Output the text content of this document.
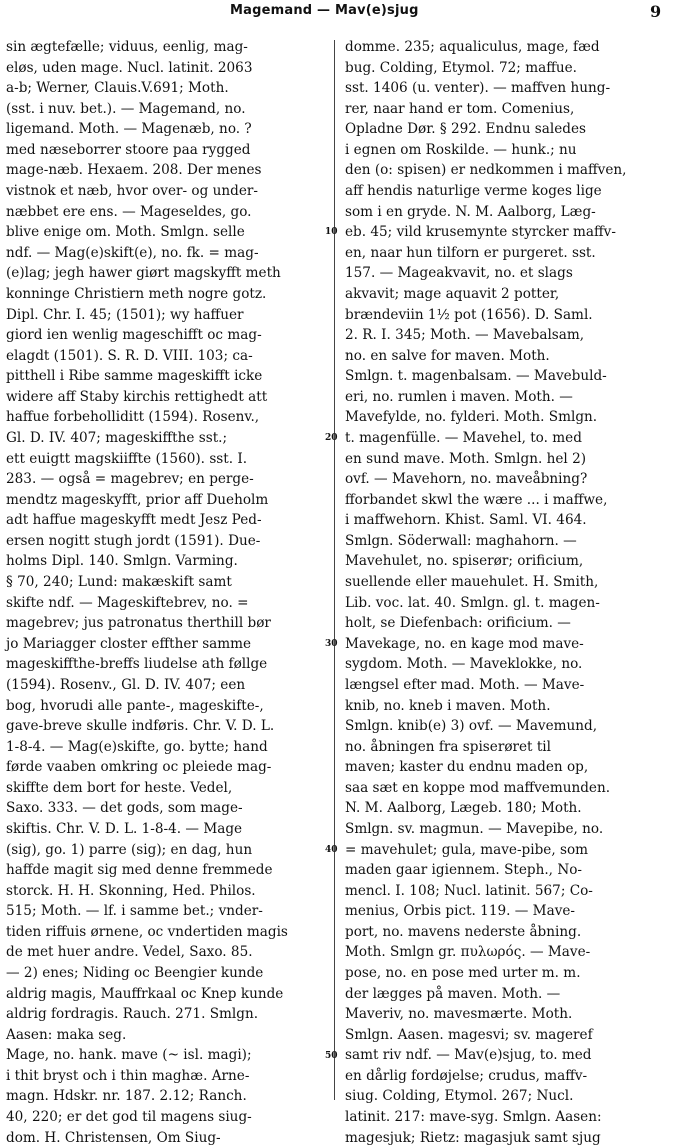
Magemand — Mav(e)sjug	9
sin ægtefælle; viduus, eenlig, mag-
eløs, uden mage. Nucl. latinit. 2063
a-b; Werner, Clauis.V.691; Moth.
(sst. i nuv. bet.). — Magemand, no.
ligemand. Moth. — Magenæb, no. ?
med næseborrer stoore paa rygged
mage-næb. Hexaem. 208. Der menes
vistnok et næb, hvor over- og under-
næbbet ere ens. — Mageseldes, go.
blive enige om. Moth. Smlgn. selle
ndf. — Mag(e)skift(e), no. fk. = mag-
(e)lag; jegh hawer giørt magskyfft meth
konninge Christiern meth nogre gotz.
Dipl. Chr. I. 45; (1501); wy haffuer
giord ien wenlig mageschifft oc mag-
elagdt (1501). S. R. D. VIII. 103; ca-
pitthell i Ribe samme mageskifft icke
widere aff Staby kirchis rettighedt att
haffue forbeholliditt (1594). Rosenv.,
Gl. D. IV. 407; mageskiffthe sst.;
ett euigtt magskiiffte (1560). sst. I.
283. — også = magebrev; en perge-
mendtz mageskyfft, prior aff Dueholm
adt haffue mageskyfft medt Jesz Ped-
ersen nogitt stugh jordt (1591). Due-
holms Dipl. 140. Smlgn. Varming.
§ 70, 240; Lund: makæskift samt
skifte ndf. — Mageskiftebrev, no. =
magebrev; jus patronatus therthill bør
jo Mariagger closter effther samme
mageskiffthe-breffs liudelse ath føllge
(1594). Rosenv., Gl. D. IV. 407; een
bog, hvorudi alle pante-, mageskifte-,
gave-breve skulle indføris. Chr. V. D. L.
1-8-4. — Mag(e)skifte, go. bytte; hand
førde vaaben omkring oc pleiede mag-
skiffte dem bort for heste. Vedel,
Saxo. 333. — det gods, som mage-
skiftis. Chr. V. D. L. 1-8-4. — Mage
(sig), go. 1) parre (sig); en dag, hun
haffde magit sig med denne fremmede
storck. H. H. Skonning, Hed. Philos.
515; Moth. — lf. i samme bet.; vnder-
tiden riffuis ørnene, oc vndertiden magis
de met huer andre. Vedel, Saxo. 85.
— 2) enes; Niding oc Beengier kunde
aldrig magis, Mauffrkaal oc Knep kunde
aldrig fordragis. Rauch. 271. Smlgn.
Aasen: maka seg.
Mage, no. hank. mave (~ isl. magi);
i thit bryst och i thin maghæ. Arne-
magn. Hdskr. nr. 187. 2.12; Ranch.
40, 220; er det god til magens siug-
dom. H. Christensen, Om Siug-
domme. 235; aqualiculus, mage, fæd
bug. Colding, Etymol. 72; maffue.
sst. 1406 (u. venter). — maffven hung-
rer, naar hand er tom. Comenius,
Opladne Dør. § 292. Endnu saledes
i egnen om Roskilde. — hunk.; nu
den (o: spisen) er nedkommen i maffven,
aff hendis naturlige verme koges lige
som i en gryde. N. M. Aalborg, Læg-
eb. 45; vild krusemynte styrcker maffv-
en, naar hun tilforn er purgeret. sst.
157. — Mageakvavit, no. et slags
akvavit; mage aquavit 2 potter,
brændeviin 1½ pot (1656). D. Saml.
2. R. I. 345; Moth. — Mavebalsam,
no. en salve for maven. Moth.
Smlgn. t. magenbalsam. — Mavebuld-
eri, no. rumlen i maven. Moth. —
Mavefylde, no. fylderi. Moth. Smlgn.
t. magenfülle. — Mavehel, to. med
en sund mave. Moth. Smlgn. hel 2)
ovf. — Mavehorn, no. maveåbning?
fforbandet skwl the wære ... i maffwe,
i maffwehorn. Khist. Saml. VI. 464.
Smlgn. Söderwall: maghahorn. —
Mavehulet, no. spiserør; orificium,
suellende eller mauehulet. H. Smith,
Lib. voc. lat. 40. Smlgn. gl. t. magen-
holt, se Diefenbach: orificium. —
Mavekage, no. en kage mod mave-
sygdom. Moth. — Maveklokke, no.
længsel efter mad. Moth. — Mave-
knib, no. kneb i maven. Moth.
Smlgn. knib(e) 3) ovf. — Mavemund,
no. åbningen fra spiserøret til
maven; kaster du endnu maden op,
saa sæt en koppe mod maffvemunden.
N. M. Aalborg, Lægeb. 180; Moth.
Smlgn. sv. magmun. — Mavepibe, no.
= mavehulet; gula, mave-pibe, som
maden gaar igiennem. Steph., No-
mencl. I. 108; Nucl. latinit. 567; Co-
menius, Orbis pict. 119. — Mave-
port, no. mavens nederste åbning.
Moth. Smlgn gr. πυλωρός. — Mave-
pose, no. en pose med urter m. m.
der lægges på maven. Moth. —
Maveriv, no. mavesmærte. Moth.
Smlgn. Aasen. magesvi; sv. mageref
samt riv ndf. — Mav(e)sjug, to. med
en dårlig fordøjelse; crudus, maffv-
siug. Colding, Etymol. 267; Nucl.
latinit. 217: mave-syg. Smlgn. Aasen:
magesjuk; Rietz: magasjuk samt sjug
10
20
30
40
50
